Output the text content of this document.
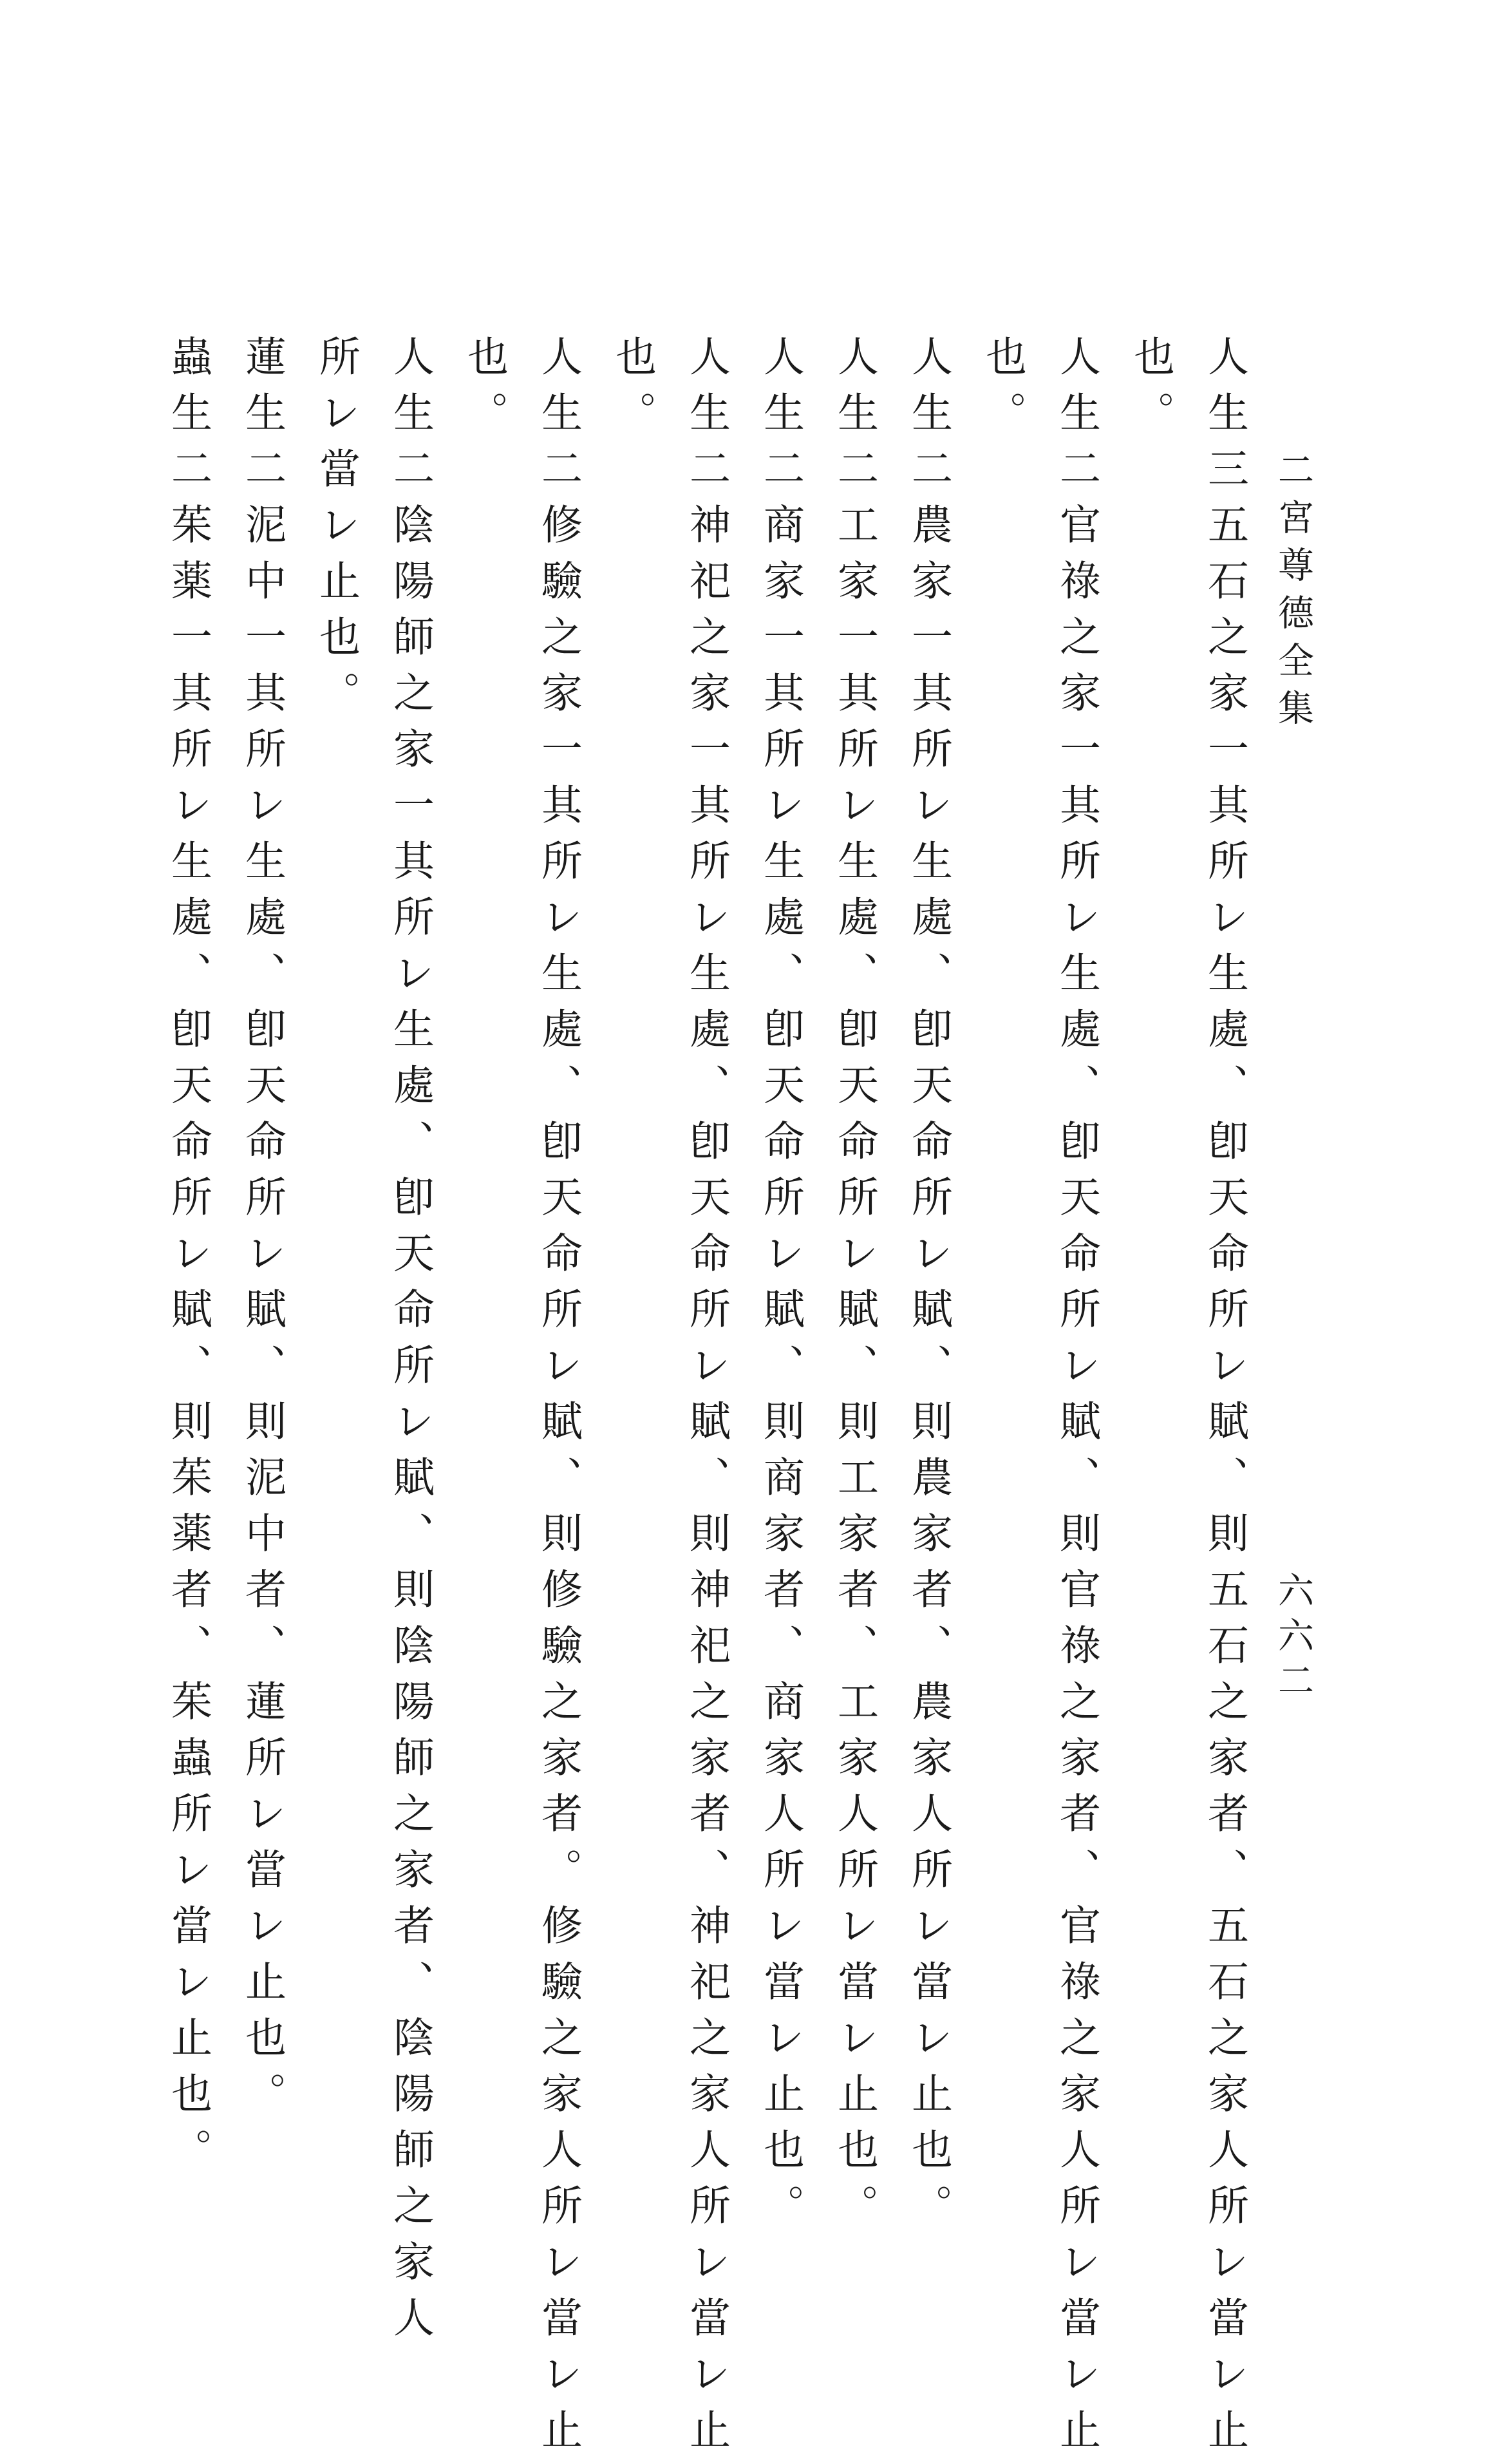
二宮尊德全集
六六二
人生三五石之家一其所レ生處、卽天命所レ賦、則五石之家者、五石之家人所レ當レ止
也。
人生二官祿之家一其所レ生處、卽天命所レ賦、則官祿之家者、官祿之家人所レ當レ止
也。
人生二農家一其所レ生處、卽天命所レ賦、則農家者、農家人所レ當レ止也。
人生二工家一其所レ生處、卽天命所レ賦、則工家者、工家人所レ當レ止也。
人生二商家一其所レ生處、卽天命所レ賦、則商家者、商家人所レ當レ止也。
人生二神祀之家一其所レ生處、卽天命所レ賦、則神祀之家者、神祀之家人所レ當レ止
也。
人生二修驗之家一其所レ生處、卽天命所レ賦、則修驗之家者。修驗之家人所レ當レ止
也。
人生二陰陽師之家一其所レ生處、卽天命所レ賦、則陰陽師之家者、陰陽師之家人
所レ當レ止也。
蓮生二泥中一其所レ生處、卽天命所レ賦、則泥中者、蓮所レ當レ止也。
蟲生二茱薬一其所レ生處、卽天命所レ賦、則茱薬者、茱蟲所レ當レ止也。
